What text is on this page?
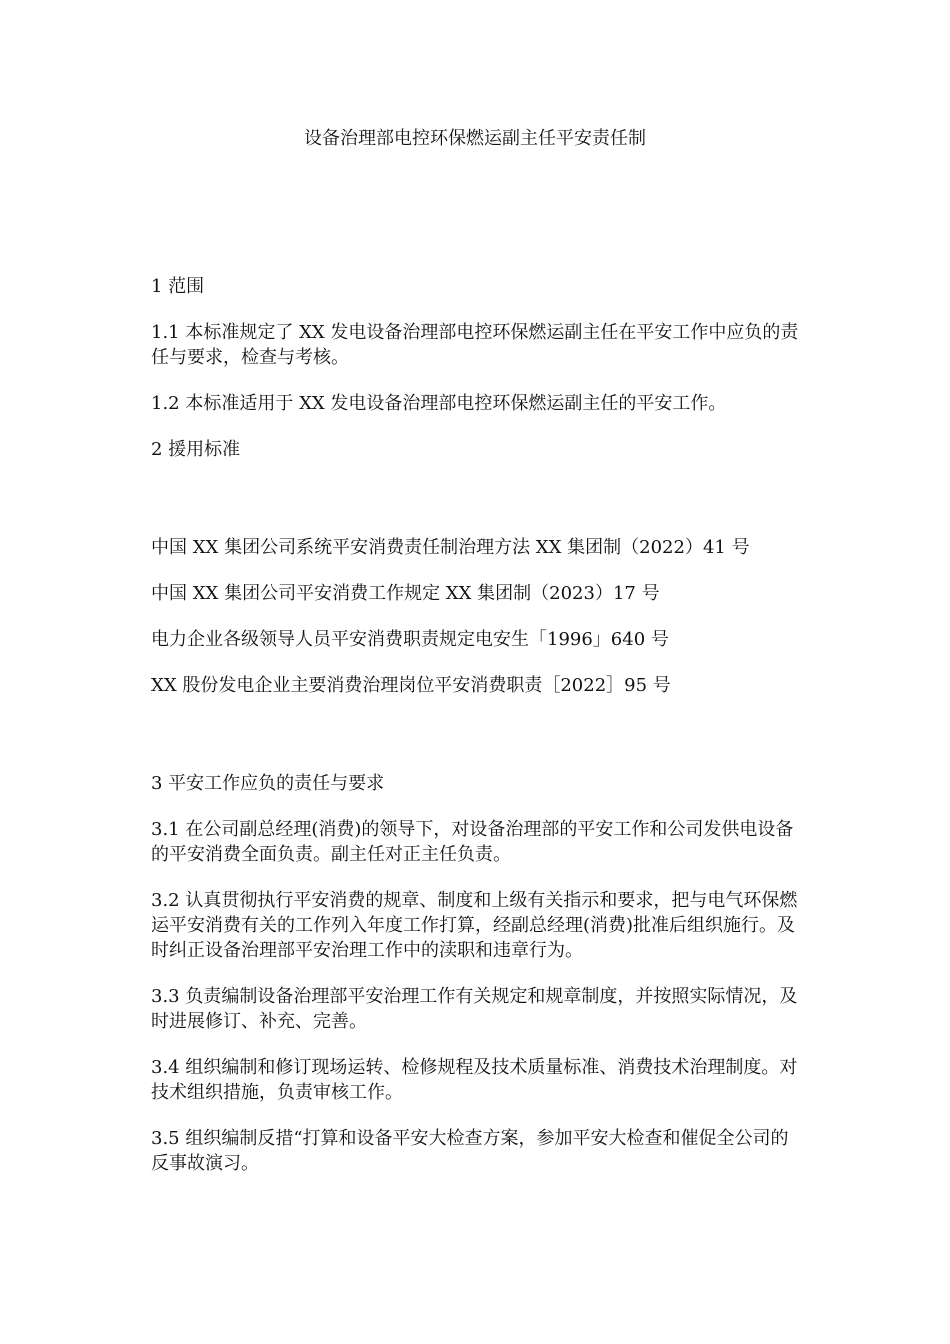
设备治理部电控环保燃运副主任平安责任制

1 范围

1.1 本标准规定了 XX 发电设备治理部电控环保燃运副主任在平安工作中应负的责任与要求，检查与考核。

1.2 本标准适用于 XX 发电设备治理部电控环保燃运副主任的平安工作。

2 援用标准

中国 XX 集团公司系统平安消费责任制治理方法 XX 集团制（2022）41 号

中国 XX 集团公司平安消费工作规定 XX 集团制（2023）17 号

电力企业各级领导人员平安消费职责规定电安生「1996」640 号

XX 股份发电企业主要消费治理岗位平安消费职责［2022］95 号

3 平安工作应负的责任与要求

3.1 在公司副总经理(消费)的领导下，对设备治理部的平安工作和公司发供电设备的平安消费全面负责。副主任对正主任负责。

3.2 认真贯彻执行平安消费的规章、制度和上级有关指示和要求，把与电气环保燃运平安消费有关的工作列入年度工作打算，经副总经理(消费)批准后组织施行。及时纠正设备治理部平安治理工作中的渎职和违章行为。

3.3 负责编制设备治理部平安治理工作有关规定和规章制度，并按照实际情况，及时进展修订、补充、完善。

3.4 组织编制和修订现场运转、检修规程及技术质量标准、消费技术治理制度。对技术组织措施，负责审核工作。

3.5 组织编制反措“打算和设备平安大检查方案，参加平安大检查和催促全公司的反事故演习。
